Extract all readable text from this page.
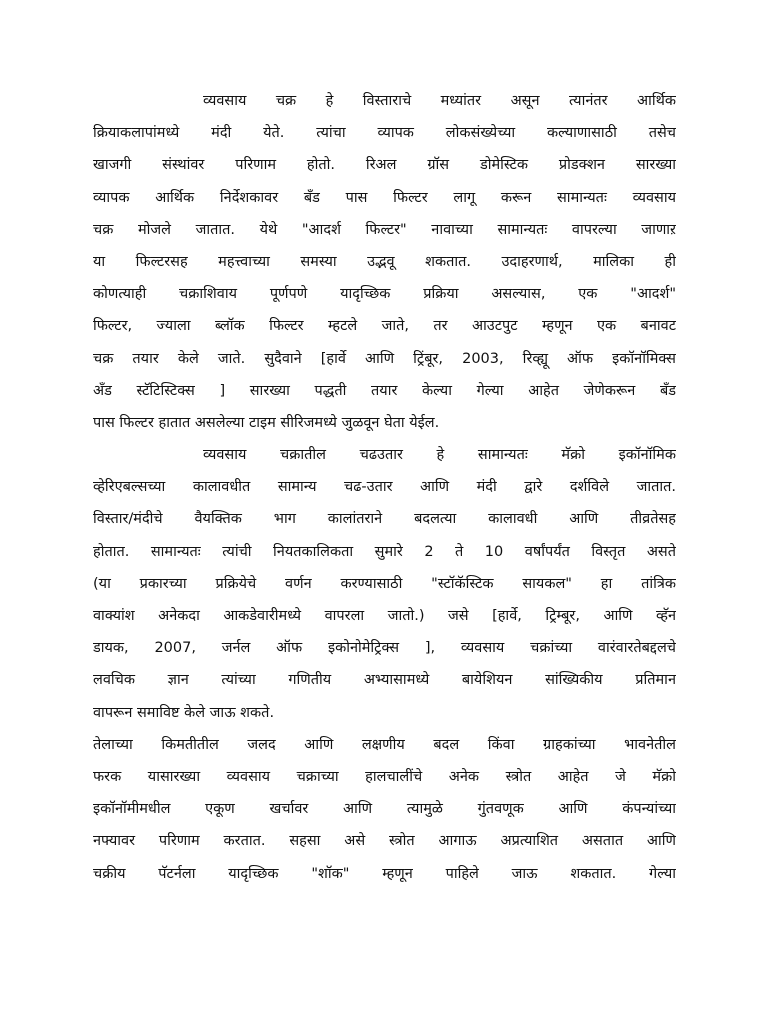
व्यवसाय चक्र हे विस्ताराचे मध्यांतर असून त्यानंतर आर्थिक
क्रियाकलापांमध्ये मंदी येते. त्यांचा व्यापक लोकसंख्येच्या कल्याणासाठी तसेच
खाजगी संस्थांवर परिणाम होतो. रिअल ग्रॉस डोमेस्टिक प्रोडक्शन सारख्या
व्यापक आर्थिक निर्देशकावर बँड पास फिल्टर लागू करून सामान्यतः व्यवसाय
चक्र मोजले जातात. येथे "आदर्श फिल्टर" नावाच्या सामान्यतः वापरल्या जाणाऱ
या फिल्टरसह महत्त्वाच्या समस्या उद्भवू शकतात. उदाहरणार्थ, मालिका ही
कोणत्याही चक्राशिवाय पूर्णपणे यादृच्छिक प्रक्रिया असल्यास, एक "आदर्श"
फिल्टर, ज्याला ब्लॉक फिल्टर म्हटले जाते, तर आउटपुट म्हणून एक बनावट
चक्र तयार केले जाते. सुदैवाने [हार्वे आणि ट्रिंबूर, 2003, रिव्ह्यू ऑफ इकॉनॉमिक्स
अँड स्टॅटिस्टिक्स ] सारख्या पद्धती तयार केल्या गेल्या आहेत जेणेकरून बँड
पास फिल्टर हातात असलेल्या टाइम सीरिजमध्ये जुळवून घेता येईल.
व्यवसाय चक्रातील चढउतार हे सामान्यतः मॅक्रो इकॉनॉमिक
व्हेरिएबल्सच्या कालावधीत सामान्य चढ-उतार आणि मंदी द्वारे दर्शविले जातात.
विस्तार/मंदीचे वैयक्तिक भाग कालांतराने बदलत्या कालावधी आणि तीव्रतेसह
होतात. सामान्यतः त्यांची नियतकालिकता सुमारे 2 ते 10 वर्षांपर्यंत विस्तृत असते
(या प्रकारच्या प्रक्रियेचे वर्णन करण्यासाठी "स्टॉकॅस्टिक सायकल" हा तांत्रिक
वाक्यांश अनेकदा आकडेवारीमध्ये वापरला जातो.) जसे [हार्वे, ट्रिम्बूर, आणि व्हॅन
डायक, 2007, जर्नल ऑफ इकोनोमेट्रिक्स ], व्यवसाय चक्रांच्या वारंवारतेबद्दलचे
लवचिक ज्ञान त्यांच्या गणितीय अभ्यासामध्ये बायेशियन सांख्यिकीय प्रतिमान
वापरून समाविष्ट केले जाऊ शकते.
तेलाच्या किमतीतील जलद आणि लक्षणीय बदल किंवा ग्राहकांच्या भावनेतील
फरक यासारख्या व्यवसाय चक्राच्या हालचालींचे अनेक स्त्रोत आहेत जे मॅक्रो
इकॉनॉमीमधील एकूण खर्चावर आणि त्यामुळे गुंतवणूक आणि कंपन्यांच्या
नफ्यावर परिणाम करतात. सहसा असे स्त्रोत आगाऊ अप्रत्याशित असतात आणि
चक्रीय पॅटर्नला यादृच्छिक "शॉक" म्हणून पाहिले जाऊ शकतात. गेल्या
